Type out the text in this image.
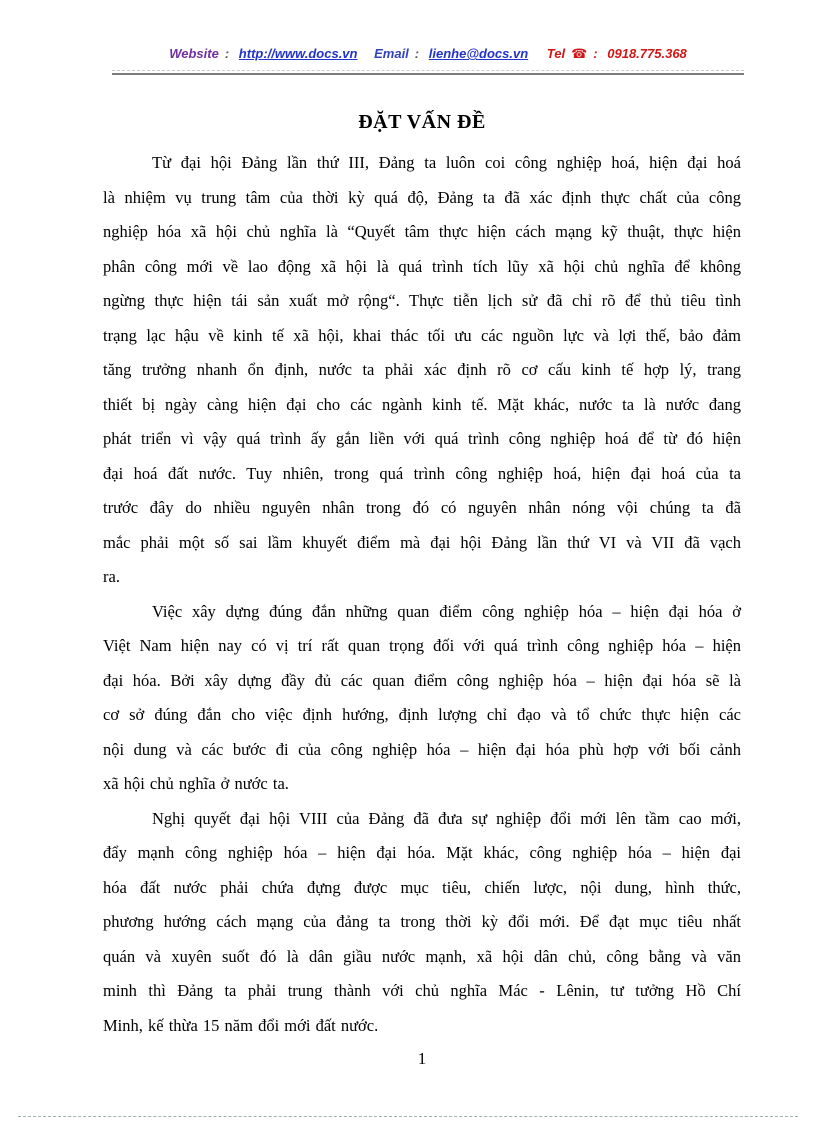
Website : http://www.docs.vn Email : lienhe@docs.vn Tel ☎ : 0918.775.368
ĐẶT VẤN ĐỀ
Từ đại hội Đảng lần thứ III, Đảng ta luôn coi công nghiệp hoá, hiện đại hoá
là nhiệm vụ trung tâm của thời kỳ quá độ, Đảng ta đã xác định thực chất của công
nghiệp hóa xã hội chủ nghĩa là “Quyết tâm thực hiện cách mạng kỹ thuật, thực hiện
phân công mới về lao động xã hội là quá trình tích lũy xã hội chủ nghĩa để không
ngừng thực hiện tái sản xuất mở rộng“. Thực tiễn lịch sử đã chỉ rõ để thủ tiêu tình
trạng lạc hậu về kinh tế xã hội, khai thác tối ưu các nguồn lực và lợi thế, bảo đảm
tăng trưởng nhanh ổn định, nước ta phải xác định rõ cơ cấu kinh tế hợp lý, trang
thiết bị ngày càng hiện đại cho các ngành kinh tế. Mặt khác, nước ta là nước đang
phát triển vì vậy quá trình ấy gắn liền với quá trình công nghiệp hoá để từ đó hiện
đại hoá đất nước. Tuy nhiên, trong quá trình công nghiệp hoá, hiện đại hoá của ta
trước đây do nhiều nguyên nhân trong đó có nguyên nhân nóng vội chúng ta đã
mắc phải một số sai lầm khuyết điểm mà đại hội Đảng lần thứ VI và VII đã vạch
ra.
Việc xây dựng đúng đắn những quan điểm công nghiệp hóa – hiện đại hóa ở
Việt Nam hiện nay có vị trí rất quan trọng đối với quá trình công nghiệp hóa – hiện
đại hóa. Bởi xây dựng đầy đủ các quan điểm công nghiệp hóa – hiện đại hóa sẽ là
cơ sở đúng đắn cho việc định hướng, định lượng chỉ đạo và tổ chức thực hiện các
nội dung và các bước đi của công nghiệp hóa – hiện đại hóa phù hợp với bối cảnh
xã hội chủ nghĩa ở nước ta.
Nghị quyết đại hội VIII của Đảng đã đưa sự nghiệp đổi mới lên tầm cao mới,
đẩy mạnh công nghiệp hóa – hiện đại hóa. Mặt khác, công nghiệp hóa – hiện đại
hóa đất nước phải chứa đựng được mục tiêu, chiến lược, nội dung, hình thức,
phương hướng cách mạng của đảng ta trong thời kỳ đổi mới. Để đạt mục tiêu nhất
quán và xuyên suốt đó là dân giầu nước mạnh, xã hội dân chủ, công bằng và văn
minh thì Đảng ta phải trung thành với chủ nghĩa Mác - Lênin, tư tưởng Hồ Chí
Minh, kế thừa 15 năm đổi mới đất nước.
1
